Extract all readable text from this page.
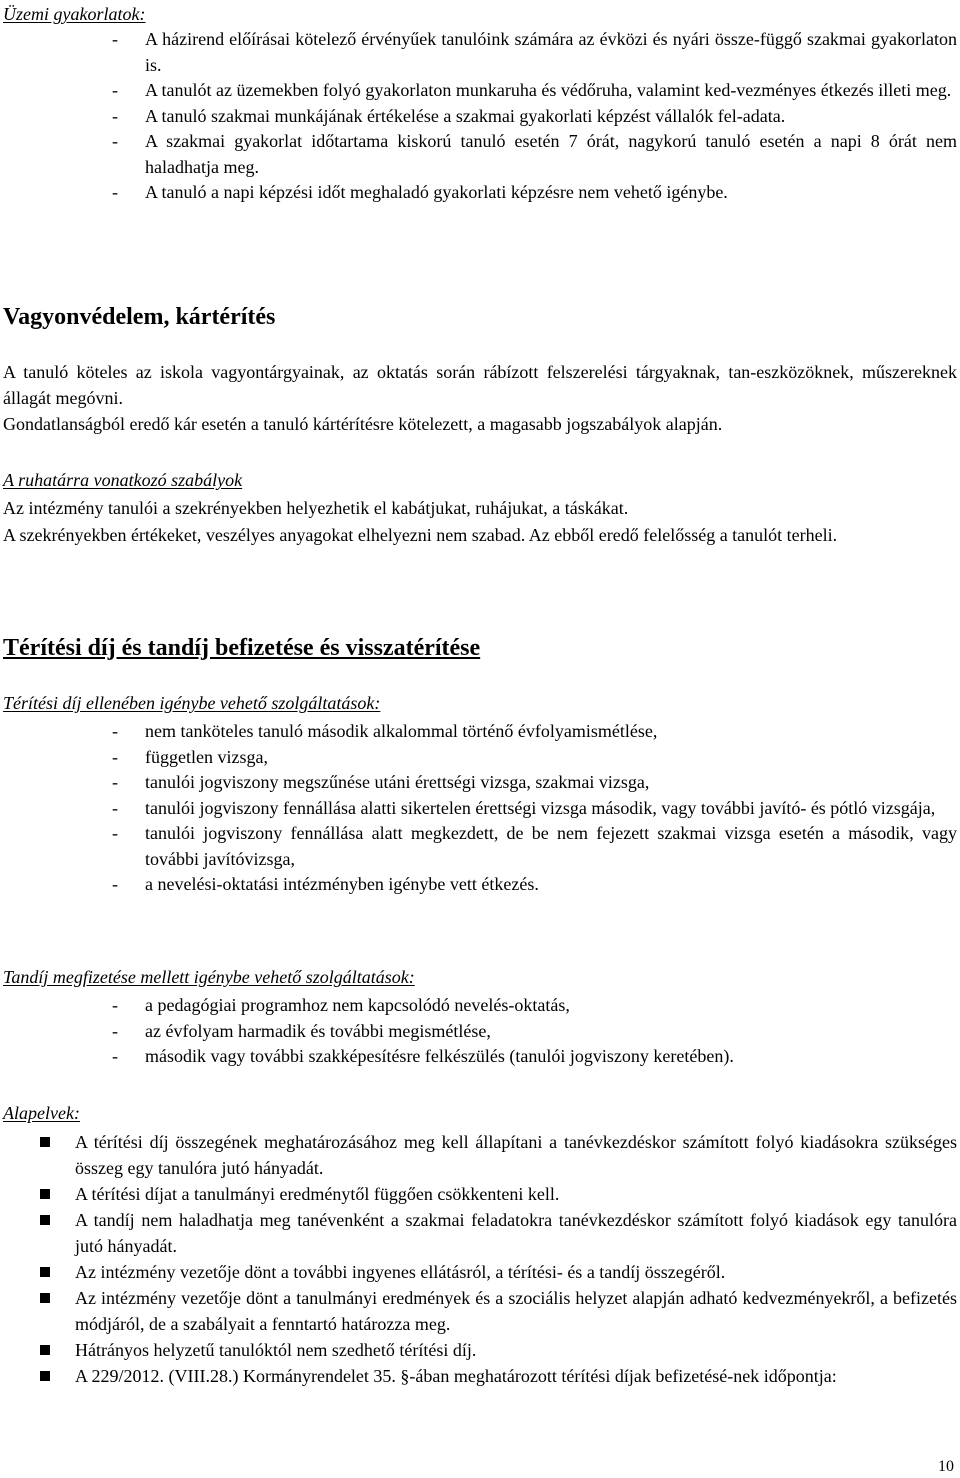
Üzemi gyakorlatok:
- A házirend előírásai kötelező érvényűek tanulóink számára az évközi és nyári össze-függő szakmai gyakorlaton is.
- A tanulót az üzemekben folyó gyakorlaton munkaruha és védőruha, valamint ked-vezményes étkezés illeti meg.
- A tanuló szakmai munkájának értékelése a szakmai gyakorlati képzést vállalók fel-adata.
- A szakmai gyakorlat időtartama kiskorú tanuló esetén 7 órát, nagykorú tanuló esetén a napi 8 órát nem haladhatja meg.
- A tanuló a napi képzési időt meghaladó gyakorlati képzésre nem vehető igénybe.
Vagyonvédelem, kártérítés
A tanuló köteles az iskola vagyontárgyainak, az oktatás során rábízott felszerelési tárgyaknak, tan-eszközöknek, műszereknek állagát megóvni.
Gondatlanságból eredő kár esetén a tanuló kártérítésre kötelezett, a magasabb jogszabályok alapján.
A ruhatárra vonatkozó szabályok
Az intézmény tanulói a szekrényekben helyezhetik el kabátjukat, ruhájukat, a táskákat.
A szekrényekben értékeket, veszélyes anyagokat elhelyezni nem szabad. Az ebből eredő felelősség a tanulót terheli.
Térítési díj és tandíj befizetése és visszatérítése
Térítési díj ellenében igénybe vehető szolgáltatások:
- nem tanköteles tanuló második alkalommal történő évfolyamismétlése,
- független vizsga,
- tanulói jogviszony megszűnése utáni érettségi vizsga, szakmai vizsga,
- tanulói jogviszony fennállása alatti sikertelen érettségi vizsga második, vagy további javító- és pótló vizsgája,
- tanulói jogviszony fennállása alatt megkezdett, de be nem fejezett szakmai vizsga esetén a második, vagy további javítóvizsga,
- a nevelési-oktatási intézményben igénybe vett étkezés.
Tandíj megfizetése mellett igénybe vehető szolgáltatások:
- a pedagógiai programhoz nem kapcsolódó nevelés-oktatás,
- az évfolyam harmadik és további megismétlése,
- második vagy további szakképesítésre felkészülés (tanulói jogviszony keretében).
Alapelvek:
A térítési díj összegének meghatározásához meg kell állapítani a tanévkezdéskor számított folyó kiadásokra szükséges összeg egy tanulóra jutó hányadát.
A térítési díjat a tanulmányi eredménytől függően csökkenteni kell.
A tandíj nem haladhatja meg tanévenként a szakmai feladatokra tanévkezdéskor számított folyó kiadások egy tanulóra jutó hányadát.
Az intézmény vezetője dönt a további ingyenes ellátásról, a térítési- és a tandíj összegéről.
Az intézmény vezetője dönt a tanulmányi eredmények és a szociális helyzet alapján adható kedvezményekről, a befizetés módjáról, de a szabályait a fenntartó határozza meg.
Hátrányos helyzetű tanulóktól nem szedhető térítési díj.
A 229/2012. (VIII.28.) Kormányrendelet 35. §-ában meghatározott térítési díjak befizetésé-nek időpontja:
10
